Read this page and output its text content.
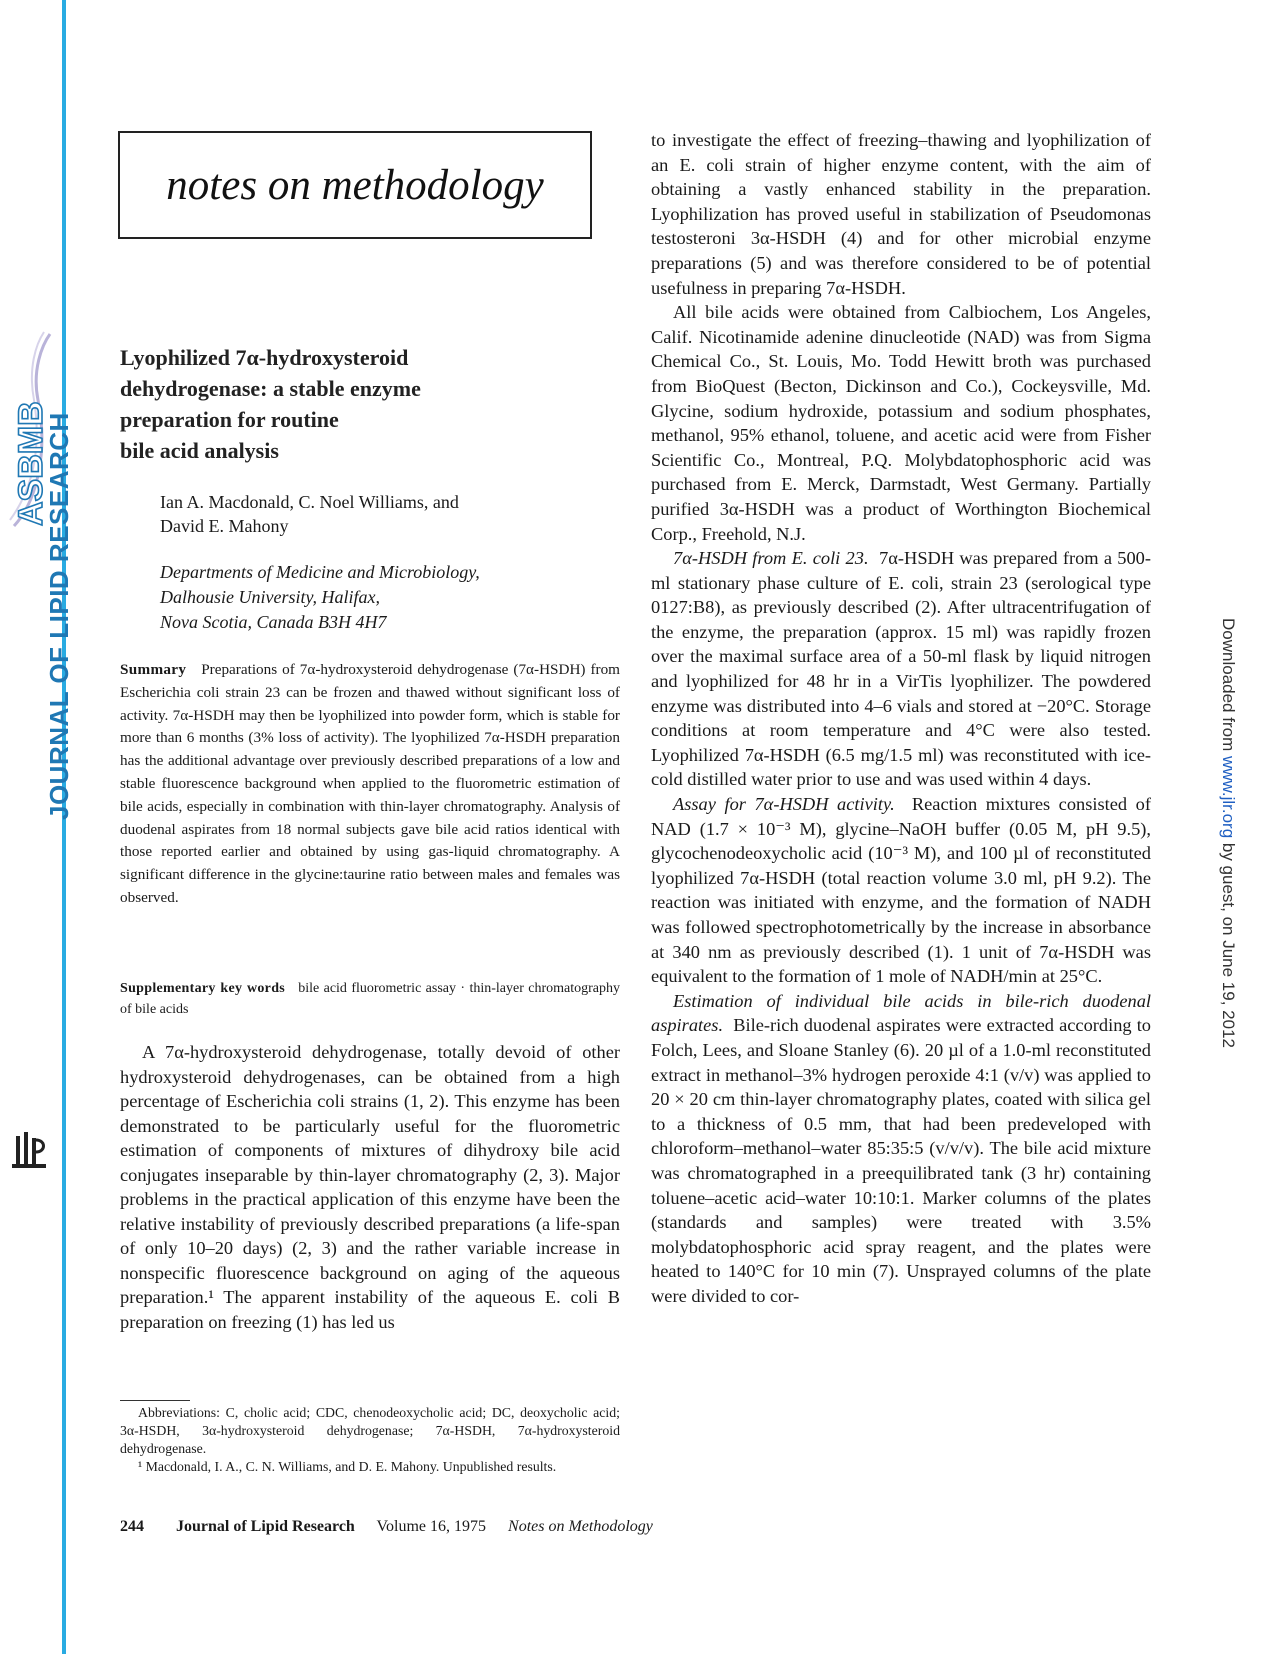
ASBMB
JOURNAL OF LIPID RESEARCH	Downloaded from www.jlr.org by guest, on June 19, 2012
notes on methodology
Lyophilized 7α-hydroxysteroid
dehydrogenase: a stable enzyme
preparation for routine
bile acid analysis
Ian A. Macdonald, C. Noel Williams, and
David E. Mahony
Departments of Medicine and Microbiology,
Dalhousie University, Halifax,
Nova Scotia, Canada B3H 4H7
Summary Preparations of 7α-hydroxysteroid dehydrogenase (7α-HSDH) from Escherichia coli strain 23 can be frozen and thawed without significant loss of activity. 7α-HSDH may then be lyophilized into powder form, which is stable for more than 6 months (3% loss of activity). The lyophilized 7α-HSDH preparation has the additional advantage over previously described preparations of a low and stable fluorescence background when applied to the fluorometric estimation of bile acids, especially in combination with thin-layer chromatography. Analysis of duodenal aspirates from 18 normal subjects gave bile acid ratios identical with those reported earlier and obtained by using gas-liquid chromatography. A significant difference in the glycine:taurine ratio between males and females was observed.
Supplementary key words bile acid fluorometric assay · thin-layer chromatography of bile acids

A 7α-hydroxysteroid dehydrogenase, totally devoid of other hydroxysteroid dehydrogenases, can be obtained from a high percentage of Escherichia coli strains (1, 2). This enzyme has been demonstrated to be particularly useful for the fluorometric estimation of components of mixtures of dihydroxy bile acid conjugates inseparable by thin-layer chromatography (2, 3). Major problems in the practical application of this enzyme have been the relative instability of previously described preparations (a life-span of only 10–20 days) (2, 3) and the rather variable increase in nonspecific fluorescence background on aging of the aqueous preparation.¹ The apparent instability of the aqueous E. coli B preparation on freezing (1) has led us

Abbreviations: C, cholic acid; CDC, chenodeoxycholic acid; DC, deoxycholic acid; 3α-HSDH, 3α-hydroxysteroid dehydrogenase; 7α-HSDH, 7α-hydroxysteroid dehydrogenase.

¹ Macdonald, I. A., C. N. Williams, and D. E. Mahony. Unpublished results.

to investigate the effect of freezing–thawing and lyophilization of an E. coli strain of higher enzyme content, with the aim of obtaining a vastly enhanced stability in the preparation. Lyophilization has proved useful in stabilization of Pseudomonas testosteroni 3α-HSDH (4) and for other microbial enzyme preparations (5) and was therefore considered to be of potential usefulness in preparing 7α-HSDH.

All bile acids were obtained from Calbiochem, Los Angeles, Calif. Nicotinamide adenine dinucleotide (NAD) was from Sigma Chemical Co., St. Louis, Mo. Todd Hewitt broth was purchased from BioQuest (Becton, Dickinson and Co.), Cockeysville, Md. Glycine, sodium hydroxide, potassium and sodium phosphates, methanol, 95% ethanol, toluene, and acetic acid were from Fisher Scientific Co., Montreal, P.Q. Molybdatophosphoric acid was purchased from E. Merck, Darmstadt, West Germany. Partially purified 3α-HSDH was a product of Worthington Biochemical Corp., Freehold, N.J.

7α-HSDH from E. coli 23. 7α-HSDH was prepared from a 500-ml stationary phase culture of E. coli, strain 23 (serological type 0127:B8), as previously described (2). After ultracentrifugation of the enzyme, the preparation (approx. 15 ml) was rapidly frozen over the maximal surface area of a 50-ml flask by liquid nitrogen and lyophilized for 48 hr in a VirTis lyophilizer. The powdered enzyme was distributed into 4–6 vials and stored at −20°C. Storage conditions at room temperature and 4°C were also tested. Lyophilized 7α-HSDH (6.5 mg/1.5 ml) was reconstituted with ice-cold distilled water prior to use and was used within 4 days.

Assay for 7α-HSDH activity. Reaction mixtures consisted of NAD (1.7 × 10⁻³ M), glycine–NaOH buffer (0.05 M, pH 9.5), glycochenodeoxycholic acid (10⁻³ M), and 100 µl of reconstituted lyophilized 7α-HSDH (total reaction volume 3.0 ml, pH 9.2). The reaction was initiated with enzyme, and the formation of NADH was followed spectrophotometrically by the increase in absorbance at 340 nm as previously described (1). 1 unit of 7α-HSDH was equivalent to the formation of 1 mole of NADH/min at 25°C.

Estimation of individual bile acids in bile-rich duodenal aspirates. Bile-rich duodenal aspirates were extracted according to Folch, Lees, and Sloane Stanley (6). 20 µl of a 1.0-ml reconstituted extract in methanol–3% hydrogen peroxide 4:1 (v/v) was applied to 20 × 20 cm thin-layer chromatography plates, coated with silica gel to a thickness of 0.5 mm, that had been predeveloped with chloroform–methanol–water 85:35:5 (v/v/v). The bile acid mixture was chromatographed in a preequilibrated tank (3 hr) containing toluene–acetic acid–water 10:10:1. Marker columns of the plates (standards and samples) were treated with 3.5% molybdatophosphoric acid spray reagent, and the plates were heated to 140°C for 10 min (7). Unsprayed columns of the plate were divided to cor-

244 Journal of Lipid Research Volume 16, 1975 Notes on Methodology
